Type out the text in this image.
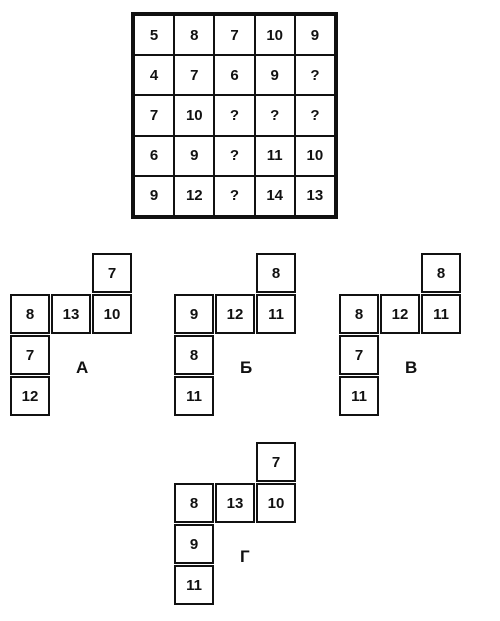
5	8	7	10	9
4	7	6	9	?
7	10	?	?	?
6	9	?	11	10
9	12	?	14	13
7
8	13	10
7
12
А
8
9	12	11
8
11
Б
8
8	12	11
7
11
В
7
8	13	10
9
11
Г
